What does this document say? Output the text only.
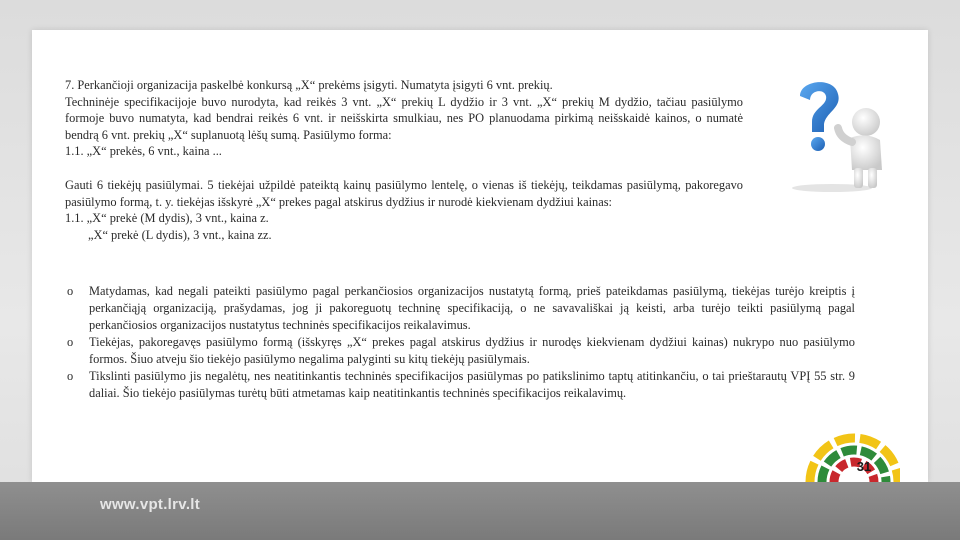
7. Perkančioji organizacija paskelbė konkursą „X“ prekėms įsigyti. Numatyta įsigyti 6 vnt. prekių.
Techninėje specifikacijoje buvo nurodyta, kad reikės 3 vnt. „X“ prekių L dydžio ir 3 vnt. „X“ prekių M dydžio, tačiau pasiūlymo formoje buvo numatyta, kad bendrai reikės 6 vnt. ir neišskirta smulkiau, nes PO planuodama pirkimą neišskaidė kainos, o numatė bendrą 6 vnt. prekių „X“ suplanuotą lėšų sumą. Pasiūlymo forma:
1.1. „X“ prekės, 6 vnt., kaina ...
Gauti 6 tiekėjų pasiūlymai. 5 tiekėjai užpildė pateiktą kainų pasiūlymo lentelę, o vienas iš tiekėjų, teikdamas pasiūlymą, pakoregavo pasiūlymo formą, t. y. tiekėjas išskyrė „X“ prekes pagal atskirus dydžius ir nurodė kiekvienam dydžiui kainas:
1.1. „X“ prekė (M dydis), 3 vnt., kaina z.
„X“ prekė (L dydis), 3 vnt., kaina zz.
o Matydamas, kad negali pateikti pasiūlymo pagal perkančiosios organizacijos nustatytą formą, prieš pateikdamas pasiūlymą, tiekėjas turėjo kreiptis į perkančiąją organizaciją, prašydamas, jog ji pakoreguotų techninę specifikaciją, o ne savavališkai ją keisti, arba turėjo teikti pasiūlymą pagal perkančiosios organizacijos nustatytus techninės specifikacijos reikalavimus.
o Tiekėjas, pakoregavęs pasiūlymo formą (išskyręs „X“ prekes pagal atskirus dydžius ir nurodęs kiekvienam dydžiui kainas) nukrypo nuo pasiūlymo formos. Šiuo atveju šio tiekėjo pasiūlymo negalima palyginti su kitų tiekėjų pasiūlymais.
o Tikslinti pasiūlymo jis negalėtų, nes neatitinkantis techninės specifikacijos pasiūlymas po patikslinimo taptų atitinkančiu, o tai prieštarautų VPĮ 55 str. 9 daliai. Šio tiekėjo pasiūlymas turėtų būti atmetamas kaip neatitinkantis techninės specifikacijos reikalavimų.
31
www.vpt.lrv.lt
